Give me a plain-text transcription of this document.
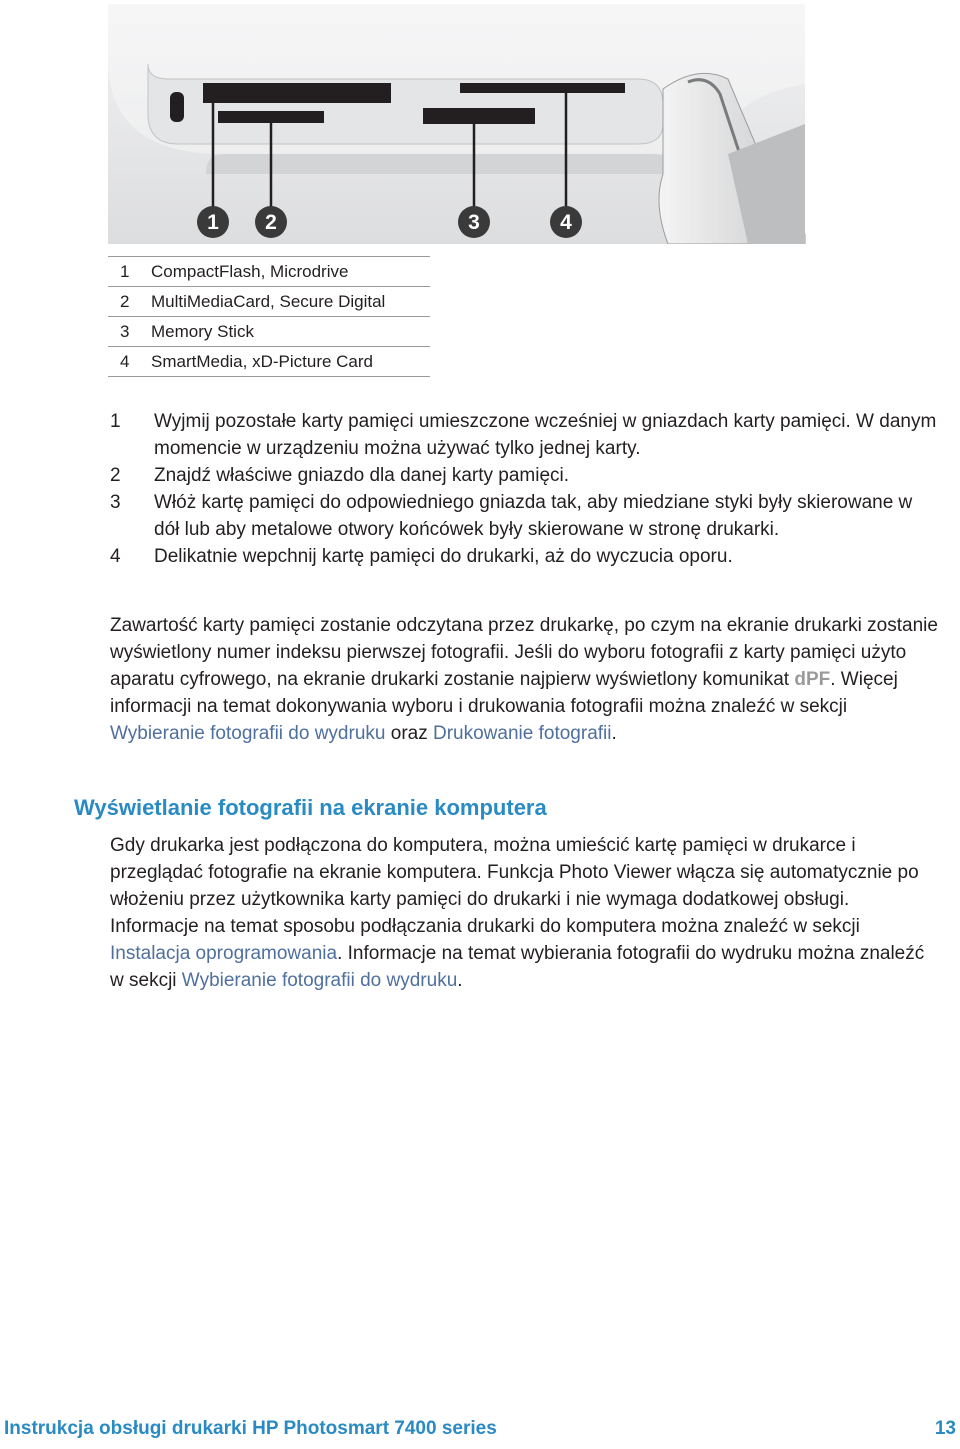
1 2	3	4
1	CompactFlash, Microdrive
2	MultiMediaCard, Secure Digital
3	Memory Stick
4	SmartMedia, xD-Picture Card
1	Wyjmij pozostałe karty pamięci umieszczone wcześniej w gniazdach karty pamięci. W danym momencie w urządzeniu można używać tylko jednej karty.
2	Znajdź właściwe gniazdo dla danej karty pamięci.
3	Włóż kartę pamięci do odpowiedniego gniazda tak, aby miedziane styki były skierowane w dół lub aby metalowe otwory końcówek były skierowane w stronę drukarki.
4	Delikatnie wepchnij kartę pamięci do drukarki, aż do wyczucia oporu.

Zawartość karty pamięci zostanie odczytana przez drukarkę, po czym na ekranie drukarki zostanie wyświetlony numer indeksu pierwszej fotografii. Jeśli do wyboru fotografii z karty pamięci użyto aparatu cyfrowego, na ekranie drukarki zostanie najpierw wyświetlony komunikat dPF. Więcej informacji na temat dokonywania wyboru i drukowania fotografii można znaleźć w sekcji Wybieranie fotografii do wydruku oraz Drukowanie fotografii.

Wyświetlanie fotografii na ekranie komputera

Gdy drukarka jest podłączona do komputera, można umieścić kartę pamięci w drukarce i przeglądać fotografie na ekranie komputera. Funkcja Photo Viewer włącza się automatycznie po włożeniu przez użytkownika karty pamięci do drukarki i nie wymaga dodatkowej obsługi. Informacje na temat sposobu podłączania drukarki do komputera można znaleźć w sekcji Instalacja oprogramowania. Informacje na temat wybierania fotografii do wydruku można znaleźć w sekcji Wybieranie fotografii do wydruku.

Instrukcja obsługi drukarki HP Photosmart 7400 series	13
